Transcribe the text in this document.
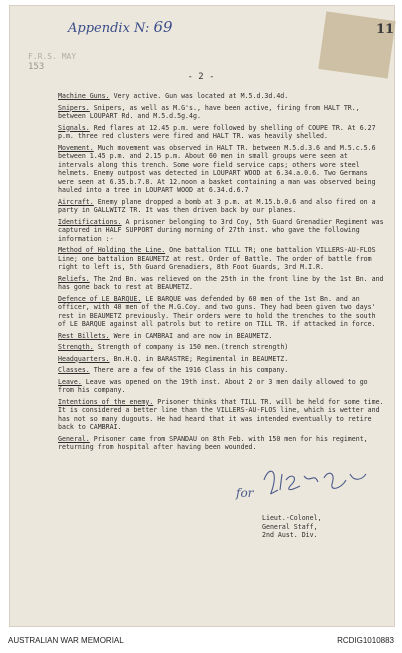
Appendix N: 69	11
F.R.S. MAY
153
- 2 -

Machine Guns. Very active. Gun was located at M.5.d.3d.4d.

Snipers. Snipers, as well as M.G's., have been active, firing from HALT TR., between LOUPART Rd. and M.5.d.5g.4g.

Signals. Red flares at 12.45 p.m. were followed by shelling of COUPE TR. At 6.27 p.m. three red clusters were fired and HALT TR. was heavily shelled.

Movement. Much movement was observed in HALT TR. between M.5.d.3.6 and M.5.c.5.6 between 1.45 p.m. and 2.15 p.m. About 60 men in small groups were seen at intervals along this trench. Some wore field service caps; others wore steel helmets. Enemy outpost was detected in LOUPART WOOD at 6.34.a.0.6. Two Germans were seen at 6.35.b.7.8. At 12.noon a basket containing a man was observed being hauled into a tree in LOUPART WOOD at 6.34.d.6.7

Aircraft. Enemy plane dropped a bomb at 3 p.m. at M.15.b.0.6 and also fired on a party in GALLWITZ TR. It was then driven back by our planes.

Identifications. A prisoner belonging to 3rd Coy, 5th Guard Grenadier Regiment was captured in HALF SUPPORT during morning of 27th inst. who gave the following information :-

Method of Holding the Line. One battalion TILL TR; one battalion VILLERS-AU-FLOS Line; one battalion BEAUMETZ at rest. Order of Battle. The order of battle from right to left is, 5th Guard Grenadiers, 8th Foot Guards, 3rd M.I.R.

Reliefs. The 2nd Bn. was relieved on the 25th in the front line by the 1st Bn. and has gone back to rest at BEAUMETZ.

Defence of LE BARQUE. LE BARQUE was defended by 60 men of the 1st Bn. and an officer, with 40 men of the M.G.Coy. and two guns. They had been given two days' rest in BEAUMETZ previously. Their orders were to hold the trenches to the south of LE BARQUE against all patrols but to retire on TILL TR. if attacked in force.

Rest Billets. Were in CAMBRAI and are now in BEAUMETZ.

Strength. Strength of company is 150 men.(trench strength)

Headquarters. Bn.H.Q. in BARASTRE; Regimental in BEAUMETZ.

Classes. There are a few of the 1916 Class in his company.

Leave. Leave was opened on the 19th inst. About 2 or 3 men daily allowed to go from his company.

Intentions of the enemy. Prisoner thinks that TILL TR. will be held for some time. It is considered a better line than the VILLERS-AU-FLOS line, which is wetter and has not so many dugouts. He had heard that it was intended eventually to retire back to CAMBRAI.

General. Prisoner came from SPANDAU on 8th Feb. with 150 men for his regiment, returning from hospital after having been wounded.

for
Lieut.-Colonel,
General Staff,
2nd Aust. Div.
AUSTRALIAN WAR MEMORIAL	RCDIG1010883
